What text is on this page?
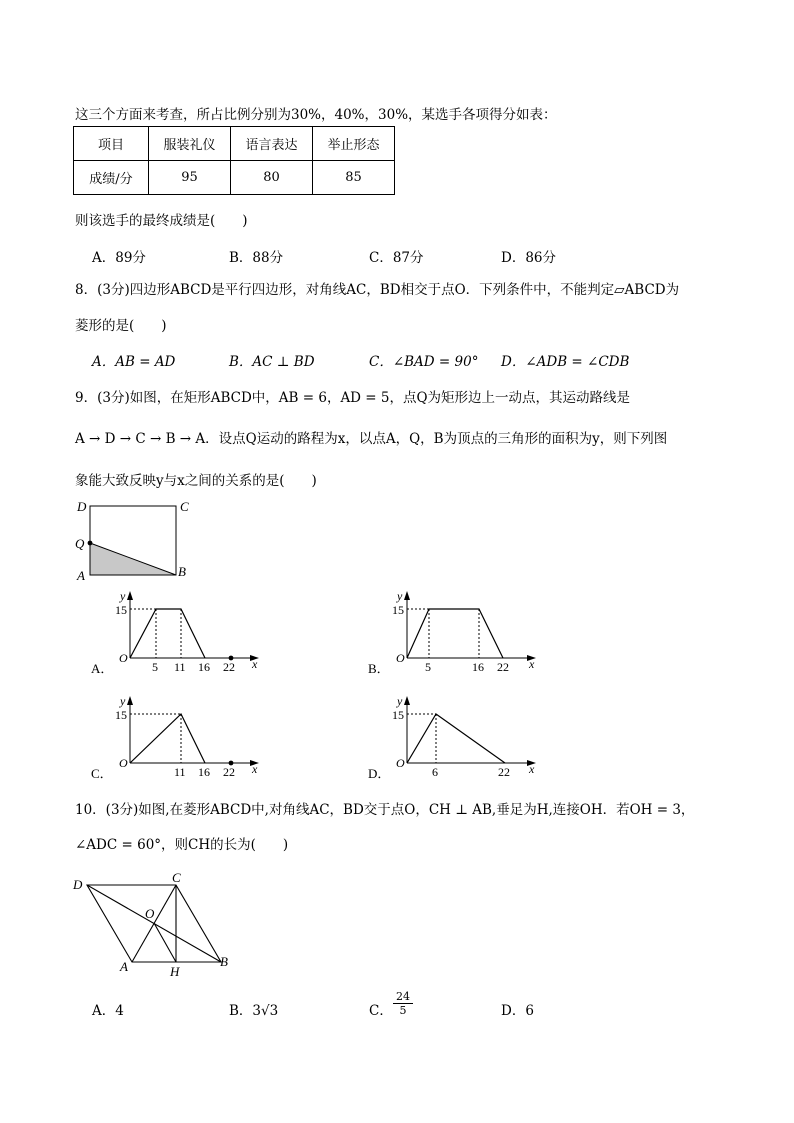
这三个方面来考查，所占比例分别为30%，40%，30%，某选手各项得分如表：
项目	服装礼仪	语言表达	举止形态
成绩/分	95	80	85
则该选手的最终成绩是(　　)
A．89分	B．88分	C．87分	D．86分
8．(3分)四边形ABCD是平行四边形，对角线AC，BD相交于点O．下列条件中，不能判定▱ABCD为
菱形的是(　　)
A．AB = AD	B．AC ⊥ BD	C．∠BAD = 90° D．∠ADB = ∠CDB
9．(3分)如图，在矩形ABCD中，AB = 6，AD = 5，点Q为矩形边上一动点，其运动路线是
A → D → C → B → A．设点Q运动的路程为x，以点A，Q，B为顶点的三角形的面积为y，则下列图
象能大致反映y与x之间的关系的是(　　)
D	C
Q
A	B
A．
y
x
O
15
5 11 16 22	B．
y
x
O
15
5	16 22
C．
y
x
O
15
11 16 22	D．
y
x
O
15
6	22
10．(3分)如图,在菱形ABCD中,对角线AC，BD交于点O，CH ⊥ AB,垂足为H,连接OH．若OH = 3，
∠ADC = 60°，则CH的长为(　　)
D	C
O
A	H
B
A．4	B．3√3	C． $\frac{24}{5}$	D．6
